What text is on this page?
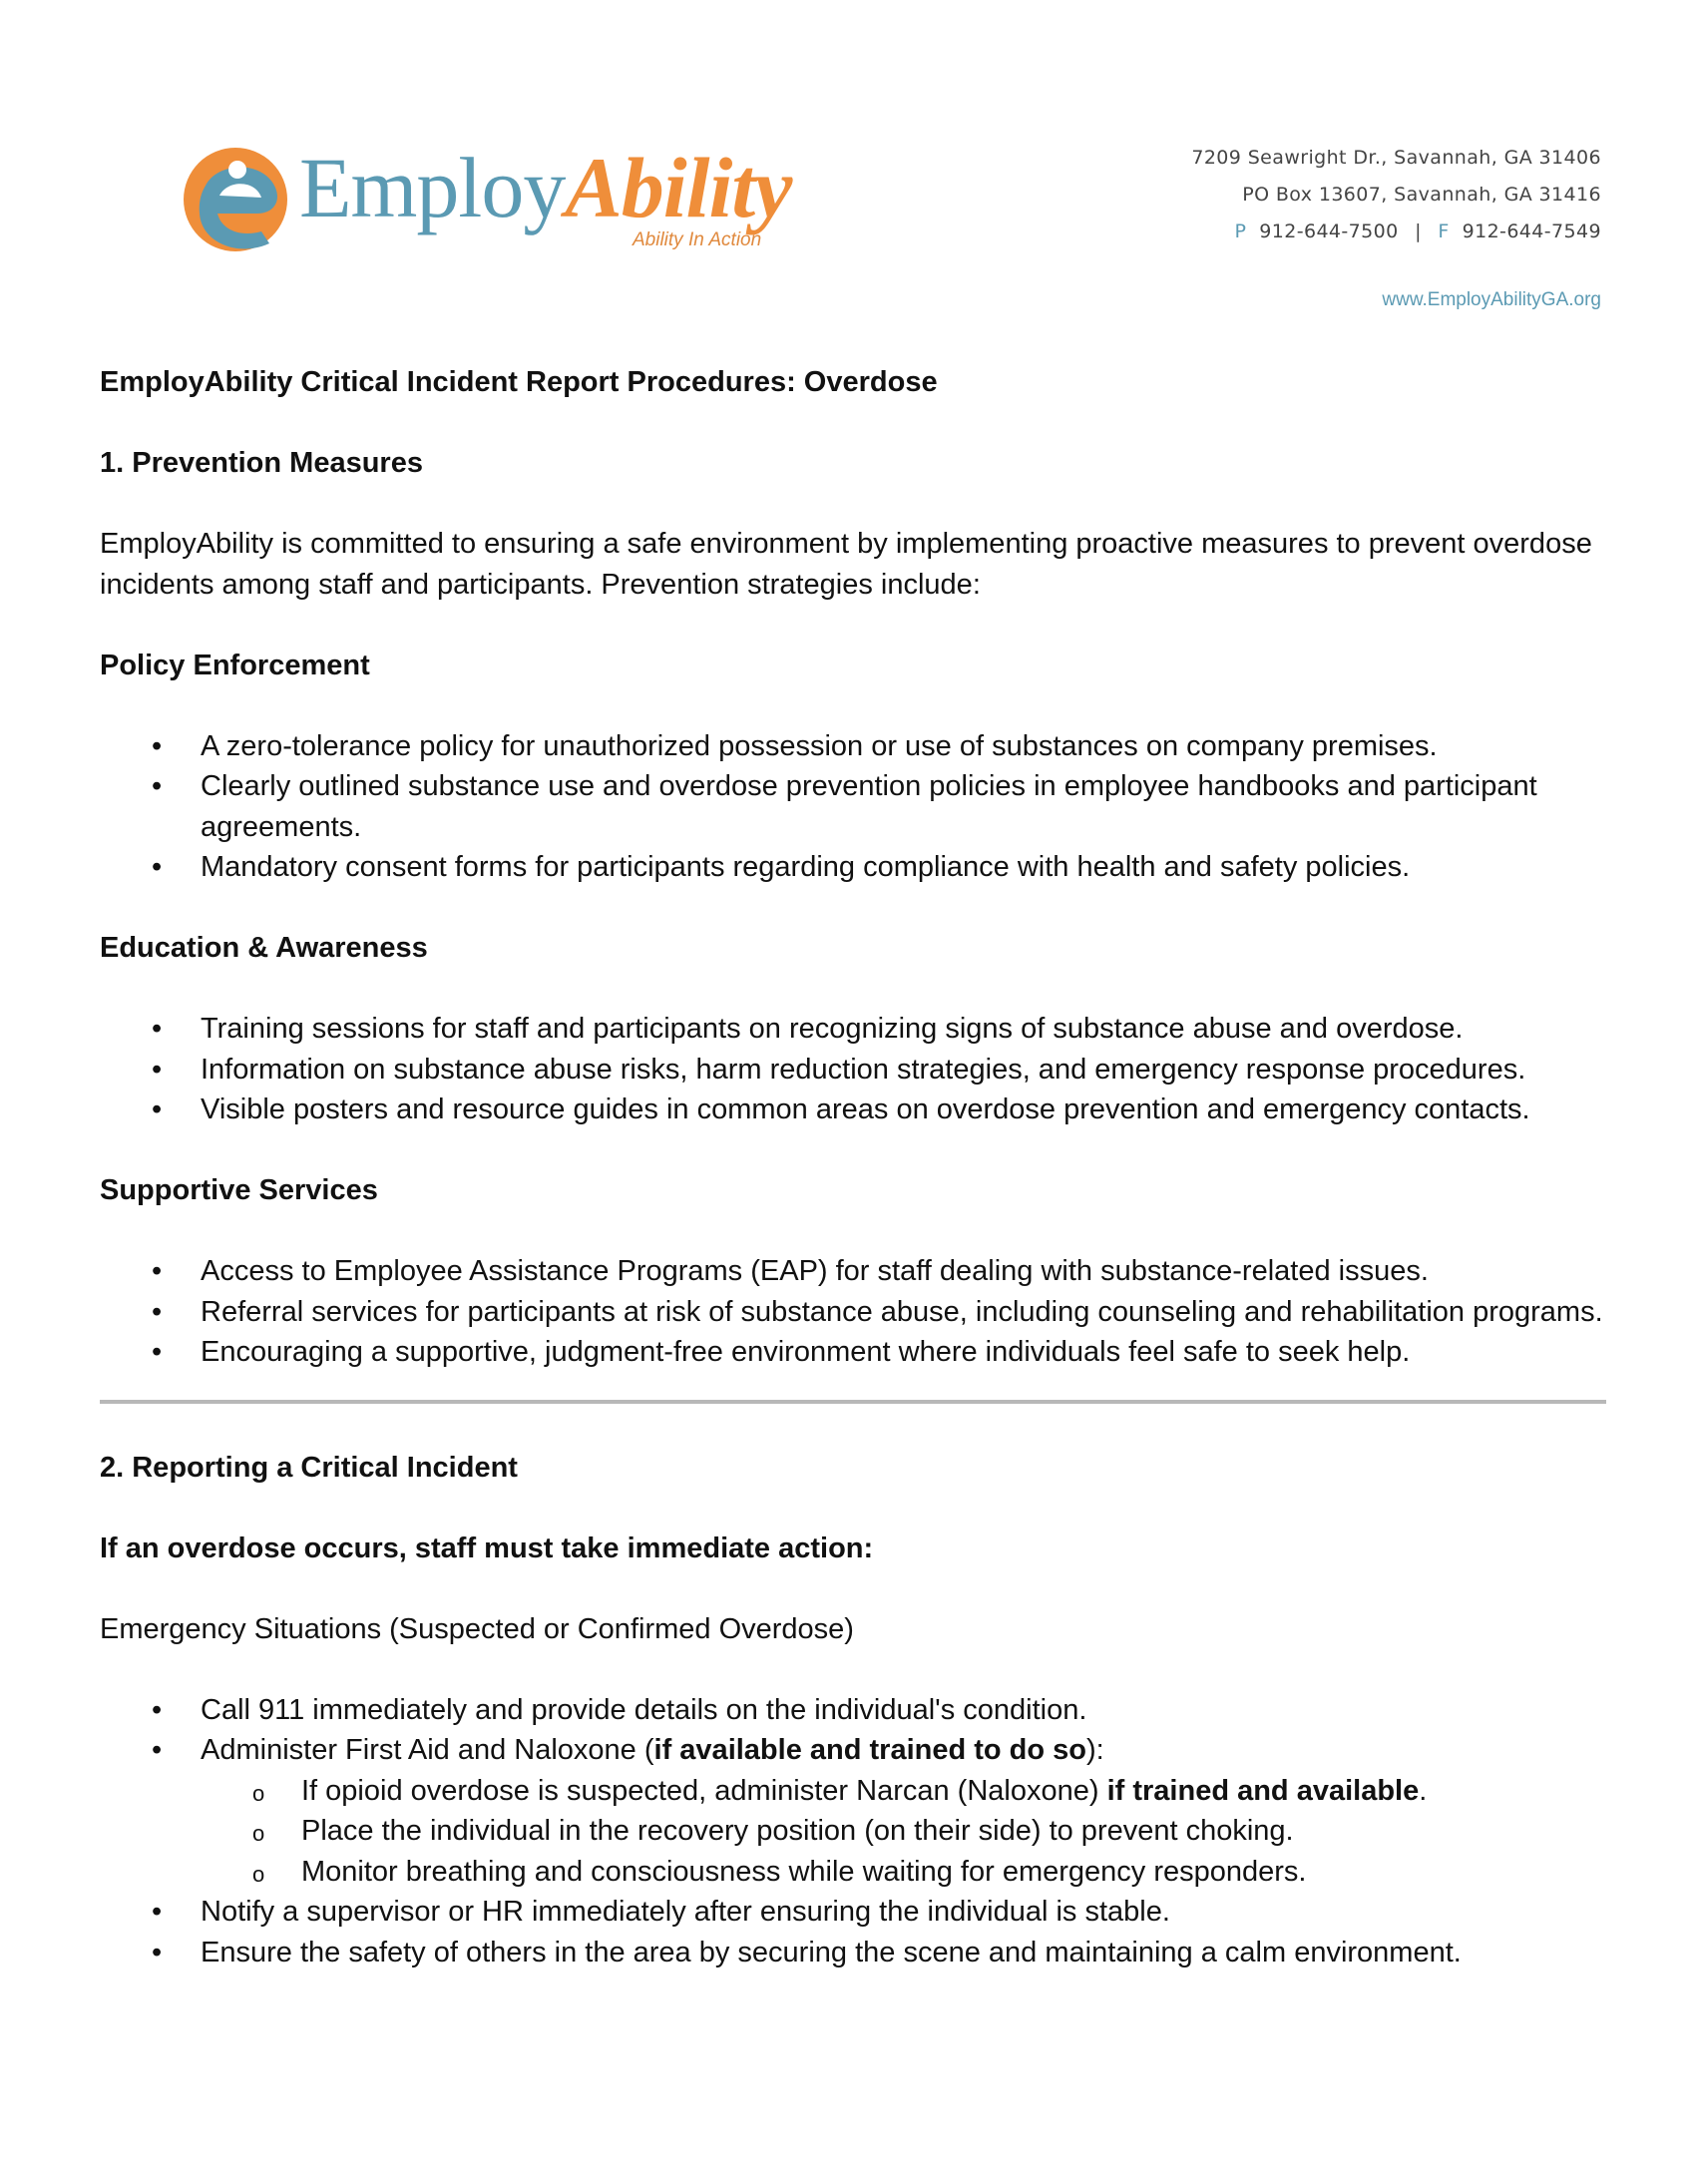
EmployAbility
Ability In Action
7209 Seawright Dr., Savannah, GA 31406
PO Box 13607, Savannah, GA 31416
P 912-644-7500 | F 912-644-7549
www.EmployAbilityGA.org

EmployAbility Critical Incident Report Procedures: Overdose

1. Prevention Measures

EmployAbility is committed to ensuring a safe environment by implementing proactive measures to prevent overdose incidents among staff and participants. Prevention strategies include:

Policy Enforcement

• A zero-tolerance policy for unauthorized possession or use of substances on company premises.
• Clearly outlined substance use and overdose prevention policies in employee handbooks and participant agreements.
• Mandatory consent forms for participants regarding compliance with health and safety policies.

Education & Awareness

• Training sessions for staff and participants on recognizing signs of substance abuse and overdose.
• Information on substance abuse risks, harm reduction strategies, and emergency response procedures.
• Visible posters and resource guides in common areas on overdose prevention and emergency contacts.

Supportive Services

• Access to Employee Assistance Programs (EAP) for staff dealing with substance-related issues.
• Referral services for participants at risk of substance abuse, including counseling and rehabilitation programs.
• Encouraging a supportive, judgment-free environment where individuals feel safe to seek help.

2. Reporting a Critical Incident

If an overdose occurs, staff must take immediate action:

Emergency Situations (Suspected or Confirmed Overdose)

• Call 911 immediately and provide details on the individual's condition.
• Administer First Aid and Naloxone (if available and trained to do so):
o If opioid overdose is suspected, administer Narcan (Naloxone) if trained and available.
o Place the individual in the recovery position (on their side) to prevent choking.
o Monitor breathing and consciousness while waiting for emergency responders.
• Notify a supervisor or HR immediately after ensuring the individual is stable.
• Ensure the safety of others in the area by securing the scene and maintaining a calm environment.
